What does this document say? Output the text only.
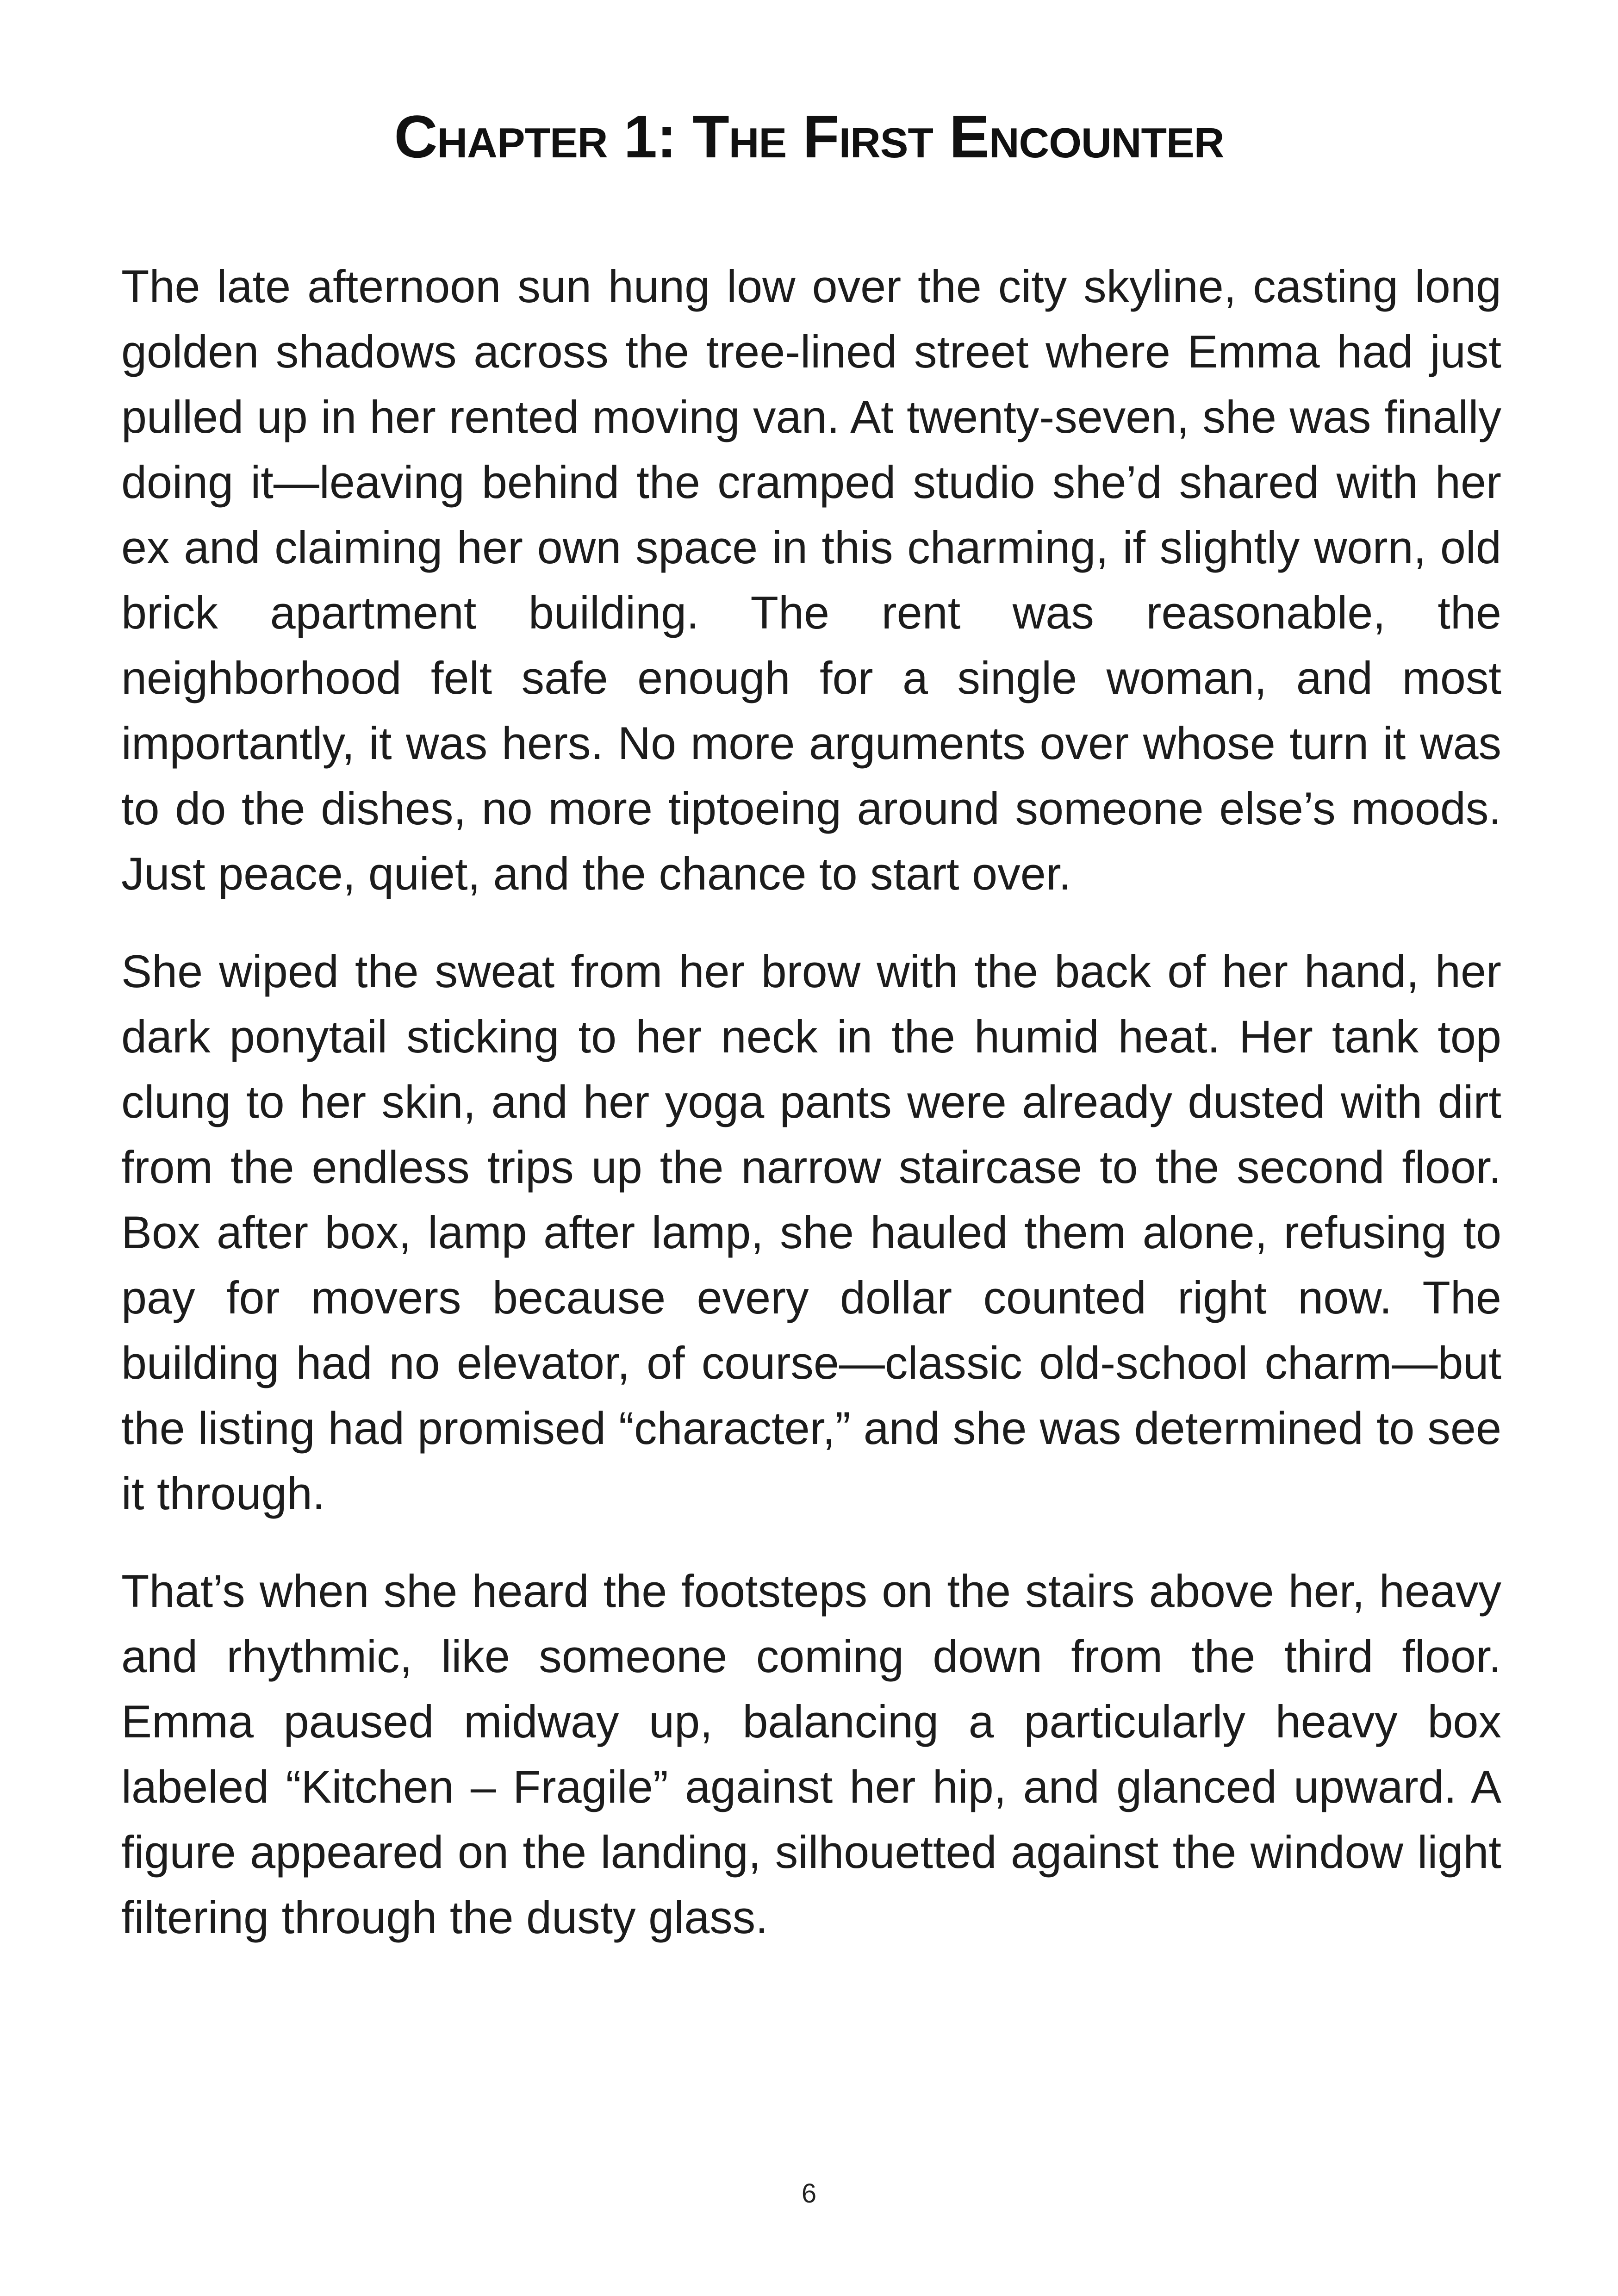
Chapter 1: The First Encounter

The late afternoon sun hung low over the city skyline, casting long golden shadows across the tree-lined street where Emma had just pulled up in her rented moving van. At twenty-seven, she was finally doing it—leaving behind the cramped studio she’d shared with her ex and claiming her own space in this charming, if slightly worn, old brick apartment building. The rent was reasonable, the neighborhood felt safe enough for a single woman, and most importantly, it was hers. No more arguments over whose turn it was to do the dishes, no more tiptoeing around someone else’s moods. Just peace, quiet, and the chance to start over.

She wiped the sweat from her brow with the back of her hand, her dark ponytail sticking to her neck in the humid heat. Her tank top clung to her skin, and her yoga pants were already dusted with dirt from the endless trips up the narrow staircase to the second floor. Box after box, lamp after lamp, she hauled them alone, refusing to pay for movers because every dollar counted right now. The building had no elevator, of course—classic old-school charm—but the listing had promised “character,” and she was determined to see it through.

That’s when she heard the footsteps on the stairs above her, heavy and rhythmic, like someone coming down from the third floor. Emma paused midway up, balancing a particularly heavy box labeled “Kitchen – Fragile” against her hip, and glanced upward. A figure appeared on the landing, silhouetted against the window light filtering through the dusty glass.

6
